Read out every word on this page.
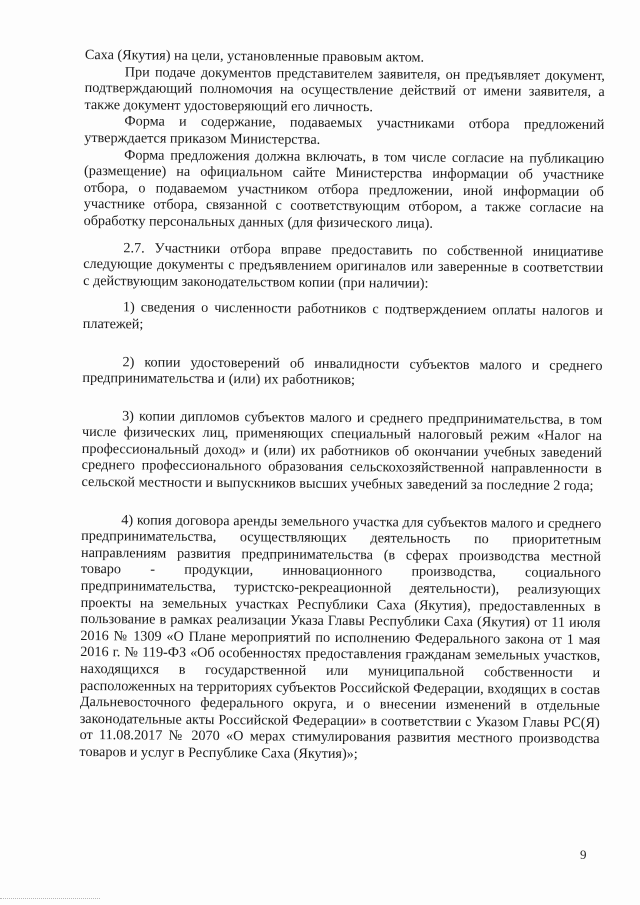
Саха (Якутия) на цели, установленные правовым актом.

При подаче документов представителем заявителя, он предъявляет документ, подтверждающий полномочия на осуществление действий от имени заявителя, а также документ удостоверяющий его личность.

Форма и содержание, подаваемых участниками отбора предложений утверждается приказом Министерства.

Форма предложения должна включать, в том числе согласие на публикацию (размещение) на официальном сайте Министерства информации об участнике отбора, о подаваемом участником отбора предложении, иной информации об участнике отбора, связанной с соответствующим отбором, а также согласие на обработку персональных данных (для физического лица).

2.7. Участники отбора вправе предоставить по собственной инициативе следующие документы с предъявлением оригиналов или заверенные в соответствии с действующим законодательством копии (при наличии):

1) сведения о численности работников с подтверждением оплаты налогов и платежей;

2) копии удостоверений об инвалидности субъектов малого и среднего предпринимательства и (или) их работников;

3) копии дипломов субъектов малого и среднего предпринимательства, в том числе физических лиц, применяющих специальный налоговый режим «Налог на профессиональный доход» и (или) их работников об окончании учебных заведений среднего профессионального образования сельскохозяйственной направленности в сельской местности и выпускников высших учебных заведений за последние 2 года;

4) копия договора аренды земельного участка для субъектов малого и среднего предпринимательства, осуществляющих деятельность по приоритетным направлениям развития предпринимательства (в сферах производства местной товаро - продукции, инновационного производства, социального предпринимательства, туристско-рекреационной деятельности), реализующих проекты на земельных участках Республики Саха (Якутия), предоставленных в пользование в рамках реализации Указа Главы Республики Саха (Якутия) от 11 июля 2016 № 1309 «О Плане мероприятий по исполнению Федерального закона от 1 мая 2016 г. № 119-ФЗ «Об особенностях предоставления гражданам земельных участков, находящихся в государственной или муниципальной собственности и расположенных на территориях субъектов Российской Федерации, входящих в состав Дальневосточного федерального округа, и о внесении изменений в отдельные законодательные акты Российской Федерации» в соответствии с Указом Главы РС(Я) от 11.08.2017 № 2070 «О мерах стимулирования развития местного производства товаров и услуг в Республике Саха (Якутия)»;

9
